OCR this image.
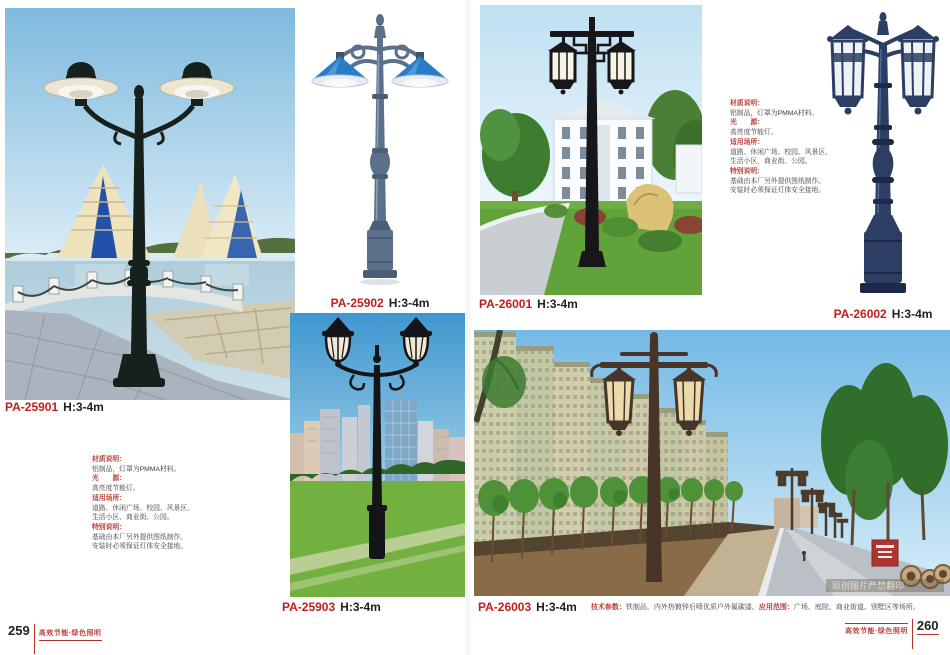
原创图片严禁翻印
PA-25901 H:3-4m
PA-25902 H:3-4m	PA-26001 H:3-4m
PA-26002 H:3-4m
PA-25903 H:3-4m	PA-26003 H:3-4m 技术参数：铁制品，内外热镀锌后喷优质户外氟碳漆。应用范围：广场、庭院、商业街道、别墅区等场所。
材质说明：
铝制品，灯罩为PMMA材料。
光　　源：
高亮度节能灯。
适用场所：
道路、休闲广场、校园、风景区、
生活小区、商业街、公园。
特别说明：
基础由本厂另外提供图纸制作。
安装时必须保证灯体安全接地。
材质说明：
铝制品，灯罩为PMMA材料。
光　　源：
高亮度节能灯。
适用场所：
道路、休闲广场、校园、风景区、
生活小区、商业街、公园。
特别说明：
基础由本厂另外提供图纸制作。
安装时必须保证灯体安全接地。
259 高效节能·绿色照明	高效节能·绿色照明 260
